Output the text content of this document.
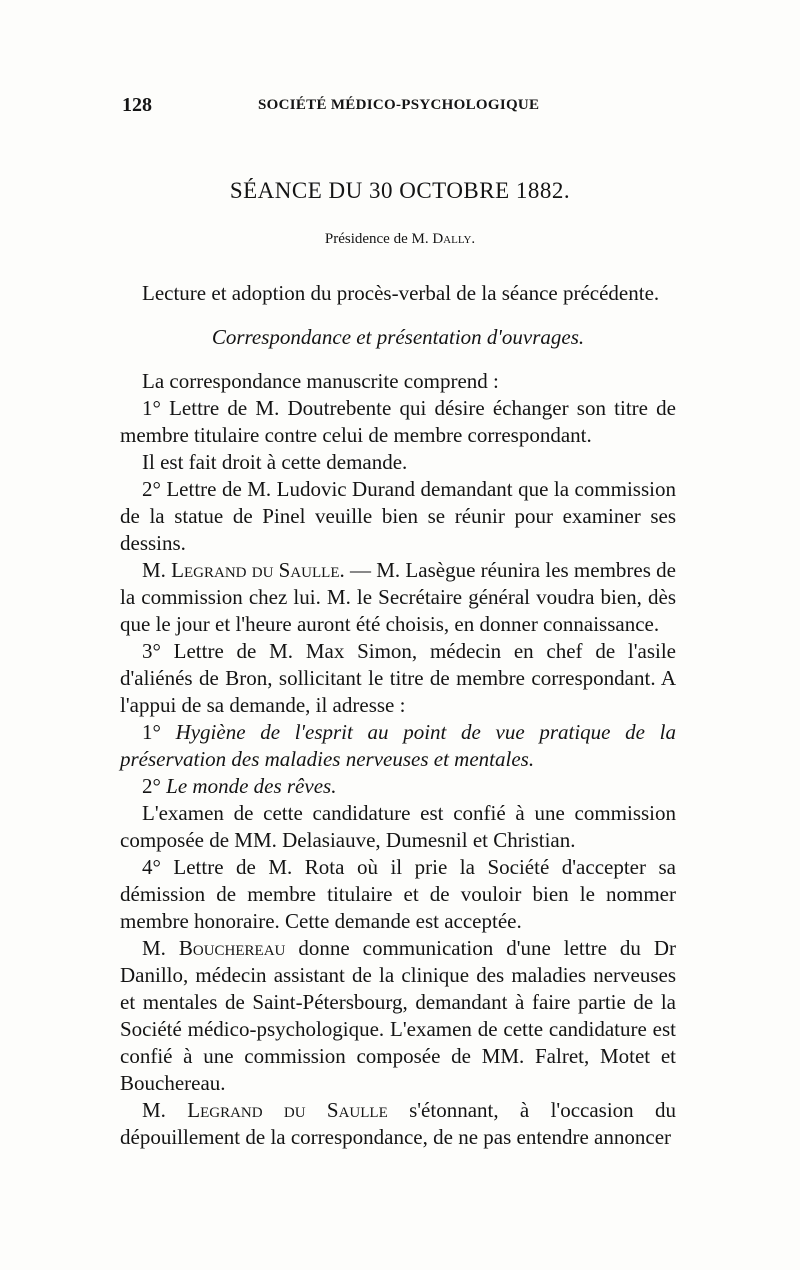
128	SOCIÉTÉ MÉDICO-PSYCHOLOGIQUE
SÉANCE DU 30 OCTOBRE 1882.
Présidence de M. Dally.

Lecture et adoption du procès-verbal de la séance précédente.

Correspondance et présentation d'ouvrages.

La correspondance manuscrite comprend :

1° Lettre de M. Doutrebente qui désire échanger son titre de membre titulaire contre celui de membre correspondant.

Il est fait droit à cette demande.

2° Lettre de M. Ludovic Durand demandant que la commission de la statue de Pinel veuille bien se réunir pour examiner ses dessins.

M. Legrand du Saulle. — M. Lasègue réunira les membres de la commission chez lui. M. le Secrétaire général voudra bien, dès que le jour et l'heure auront été choisis, en donner connaissance.

3° Lettre de M. Max Simon, médecin en chef de l'asile d'aliénés de Bron, sollicitant le titre de membre correspondant. A l'appui de sa demande, il adresse :

1° Hygiène de l'esprit au point de vue pratique de la préservation des maladies nerveuses et mentales.

2° Le monde des rêves.

L'examen de cette candidature est confié à une commission composée de MM. Delasiauve, Dumesnil et Christian.

4° Lettre de M. Rota où il prie la Société d'accepter sa démission de membre titulaire et de vouloir bien le nommer membre honoraire. Cette demande est acceptée.

M. Bouchereau donne communication d'une lettre du Dr Danillo, médecin assistant de la clinique des maladies nerveuses et mentales de Saint-Pétersbourg, demandant à faire partie de la Société médico-psychologique. L'examen de cette candidature est confié à une commission composée de MM. Falret, Motet et Bouchereau.

M. Legrand du Saulle s'étonnant, à l'occasion du dépouillement de la correspondance, de ne pas entendre annoncer
